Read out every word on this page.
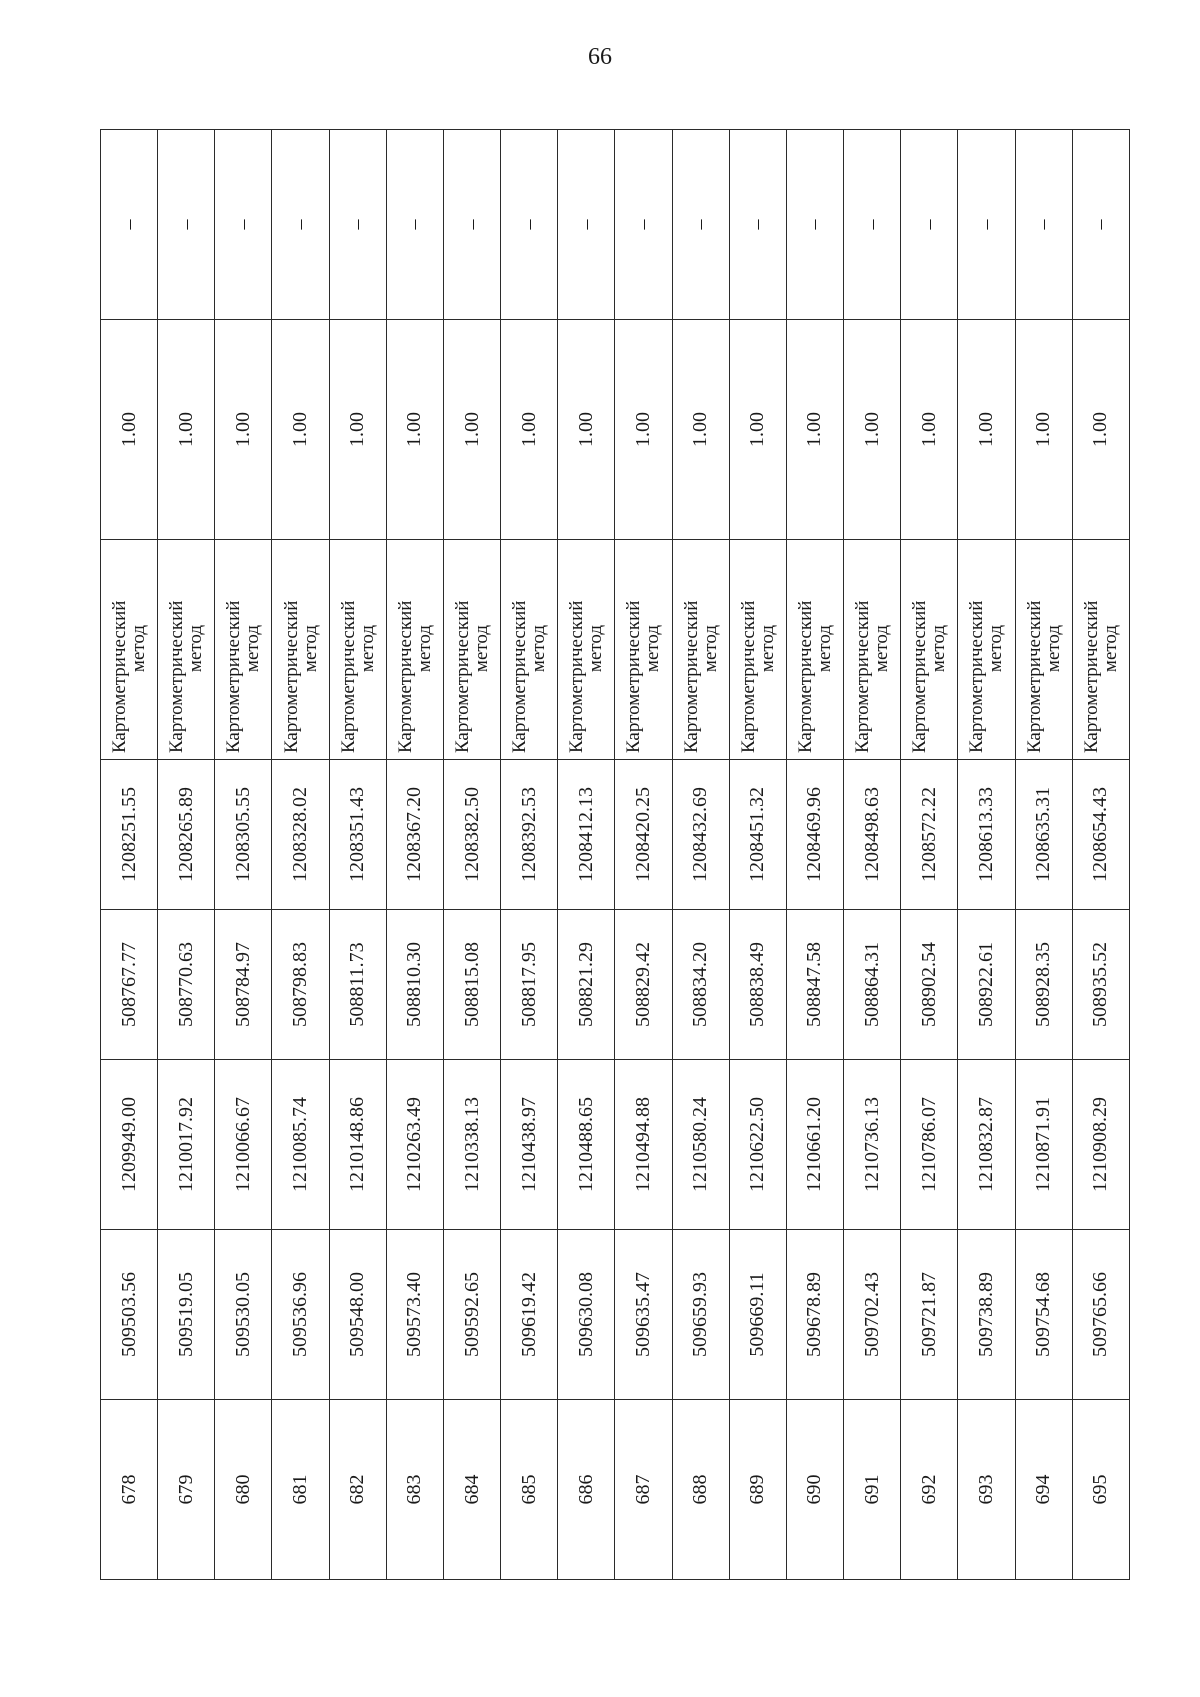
66
678	509503.56	1209949.00	508767.77	1208251.55	Картометрический
метод	1.00	–
679	509519.05	1210017.92	508770.63	1208265.89	Картометрический
метод	1.00	–
680	509530.05	1210066.67	508784.97	1208305.55	Картометрический
метод	1.00	–
681	509536.96	1210085.74	508798.83	1208328.02	Картометрический
метод	1.00	–
682	509548.00	1210148.86	508811.73	1208351.43	Картометрический
метод	1.00	–
683	509573.40	1210263.49	508810.30	1208367.20	Картометрический
метод	1.00	–
684	509592.65	1210338.13	508815.08	1208382.50	Картометрический
метод	1.00	–
685	509619.42	1210438.97	508817.95	1208392.53	Картометрический
метод	1.00	–
686	509630.08	1210488.65	508821.29	1208412.13	Картометрический
метод	1.00	–
687	509635.47	1210494.88	508829.42	1208420.25	Картометрический
метод	1.00	–
688	509659.93	1210580.24	508834.20	1208432.69	Картометрический
метод	1.00	–
689	509669.11	1210622.50	508838.49	1208451.32	Картометрический
метод	1.00	–
690	509678.89	1210661.20	508847.58	1208469.96	Картометрический
метод	1.00	–
691	509702.43	1210736.13	508864.31	1208498.63	Картометрический
метод	1.00	–
692	509721.87	1210786.07	508902.54	1208572.22	Картометрический
метод	1.00	–
693	509738.89	1210832.87	508922.61	1208613.33	Картометрический
метод	1.00	–
694	509754.68	1210871.91	508928.35	1208635.31	Картометрический
метод	1.00	–
695	509765.66	1210908.29	508935.52	1208654.43	Картометрический
метод	1.00	–
